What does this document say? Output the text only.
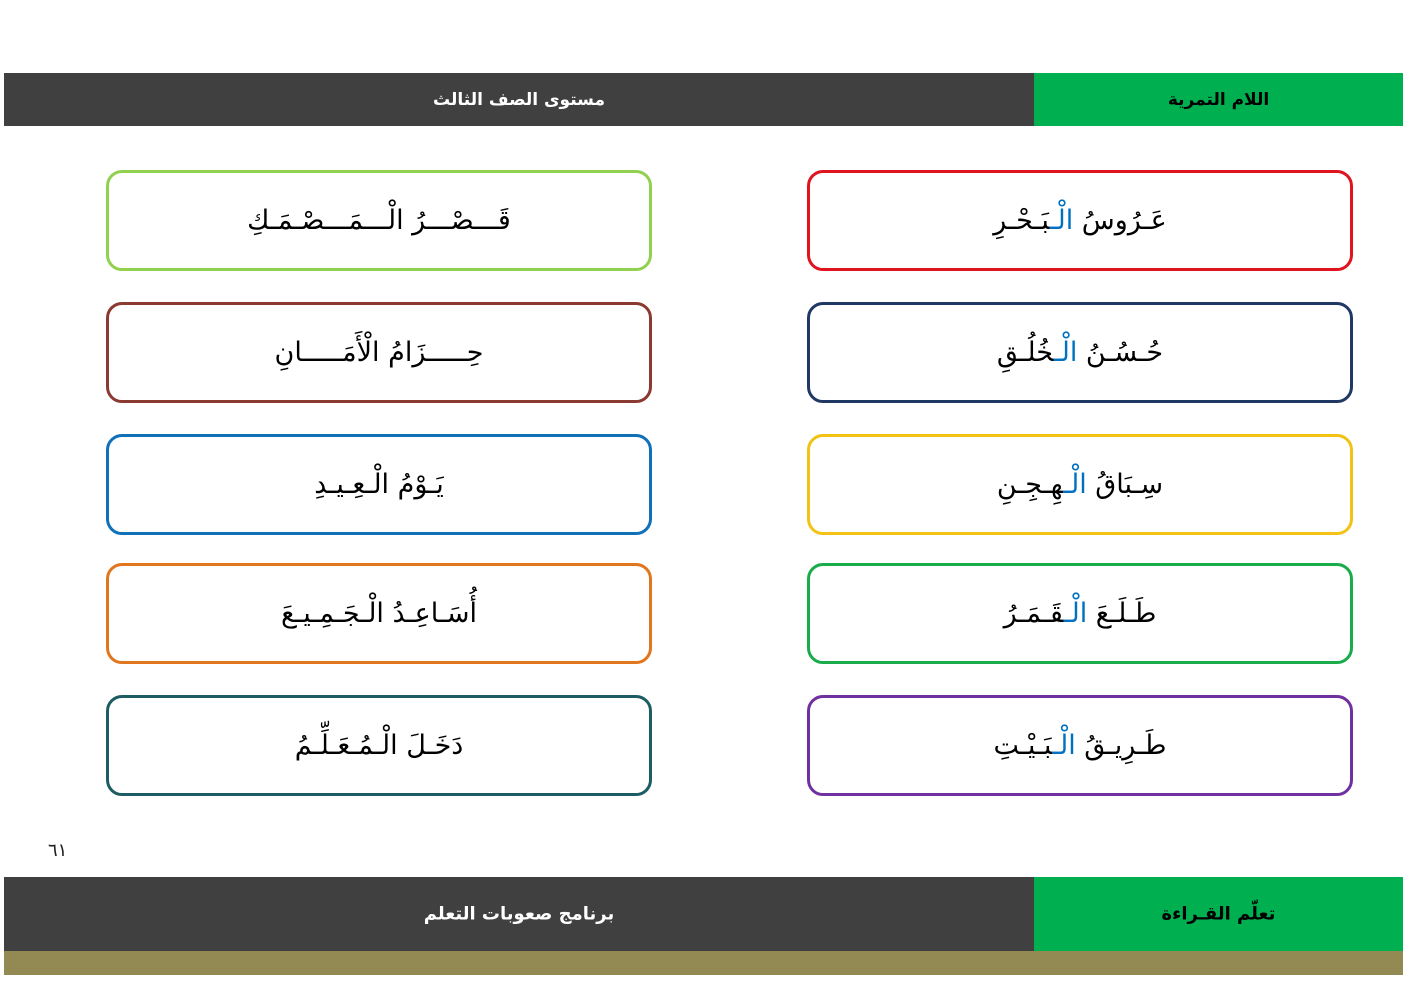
مستوى الصف الثالث	اللام التمرية
عَـرُوسُ الْـبَـحْـرِ
حُـسُـنُ الْـخُلُـقِ
سِـبَاقُ الْـهِـجِـنِ
طَـلَـعَ الْـقَـمَـرُ
طَـرِيـقُ الْـبَـيْـتِ
قَـــصْـــرُ الْـــمَـــصْـمَـكِ
حِـــــزَامُ الْأَمَـــــانِ
يَـوْمُ الْـعِـيـدِ
أُسَـاعِـدُ الْـجَـمِـيـعَ
دَخَـلَ الْـمُـعَـلِّـمُ
٦١
برنامج صعوبات التعلم	تعلّم القـراءة
